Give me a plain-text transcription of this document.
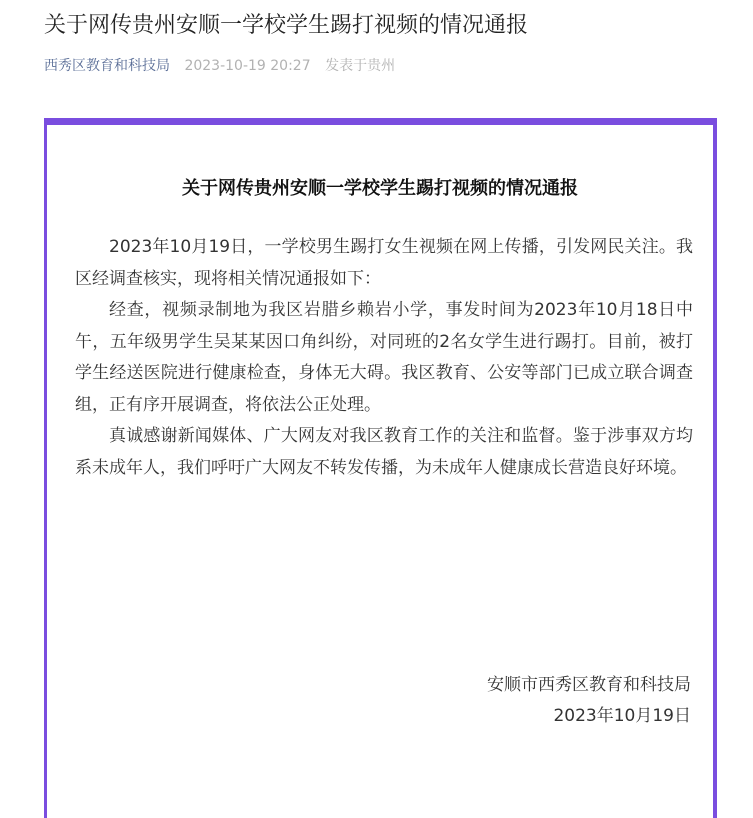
关于网传贵州安顺一学校学生踢打视频的情况通报
西秀区教育和科技局 2023-10-19 20:27 发表于贵州
关于网传贵州安顺一学校学生踢打视频的情况通报

2023年10月19日，一学校男生踢打女生视频在网上传播，引发网民关注。我区经调查核实，现将相关情况通报如下：

经查，视频录制地为我区岩腊乡赖岩小学，事发时间为2023年10月18日中午，五年级男学生吴某某因口角纠纷，对同班的2名女学生进行踢打。目前，被打学生经送医院进行健康检查，身体无大碍。我区教育、公安等部门已成立联合调查组，正有序开展调查，将依法公正处理。

真诚感谢新闻媒体、广大网友对我区教育工作的关注和监督。鉴于涉事双方均系未成年人，我们呼吁广大网友不转发传播，为未成年人健康成长营造良好环境。

安顺市西秀区教育和科技局
2023年10月19日
